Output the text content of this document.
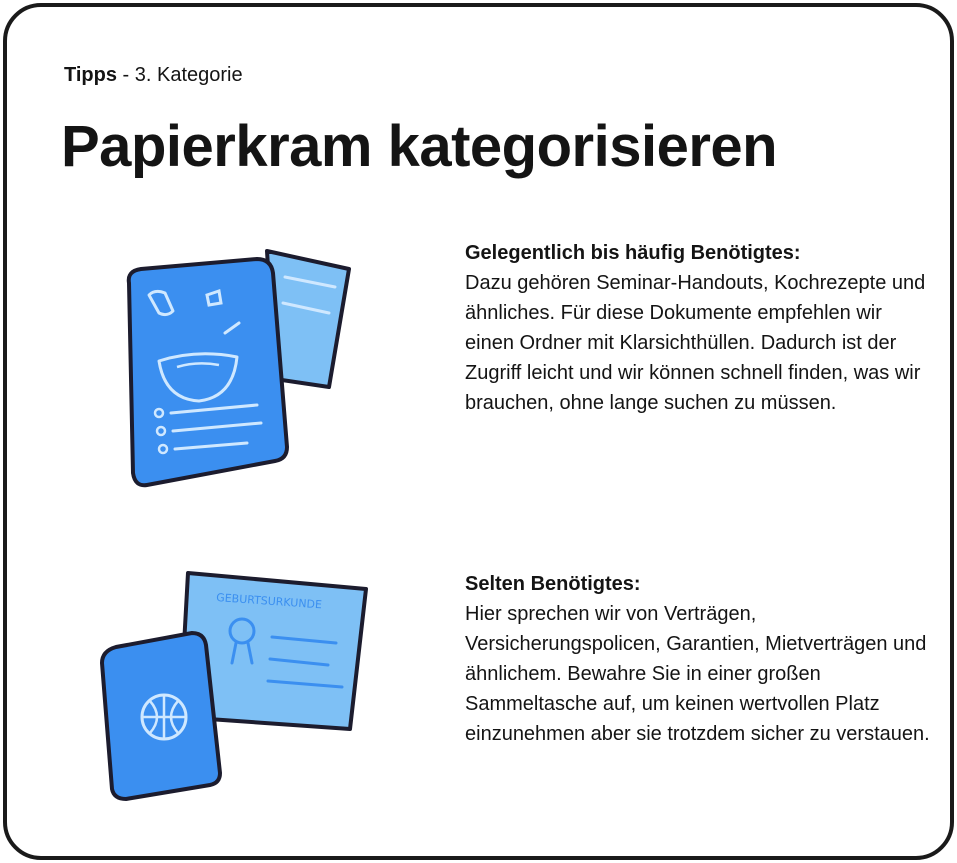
Tipps - 3. Kategorie
Papierkram kategorisieren
Gelegentlich bis häufig Benötigtes:

Dazu gehören Seminar-Handouts, Kochrezepte und ähnliches. Für diese Dokumente empfehlen wir einen Ordner mit Klarsichthüllen. Dadurch ist der Zugriff leicht und wir können schnell finden, was wir brauchen, ohne lange suchen zu müssen.

GEBURTSURKUNDE
Selten Benötigtes:

Hier sprechen wir von Verträgen, Versicherungspolicen, Garantien, Mietverträgen und ähnlichem. Bewahre Sie in einer großen Sammeltasche auf, um keinen wertvollen Platz einzunehmen aber sie trotzdem sicher zu verstauen.
